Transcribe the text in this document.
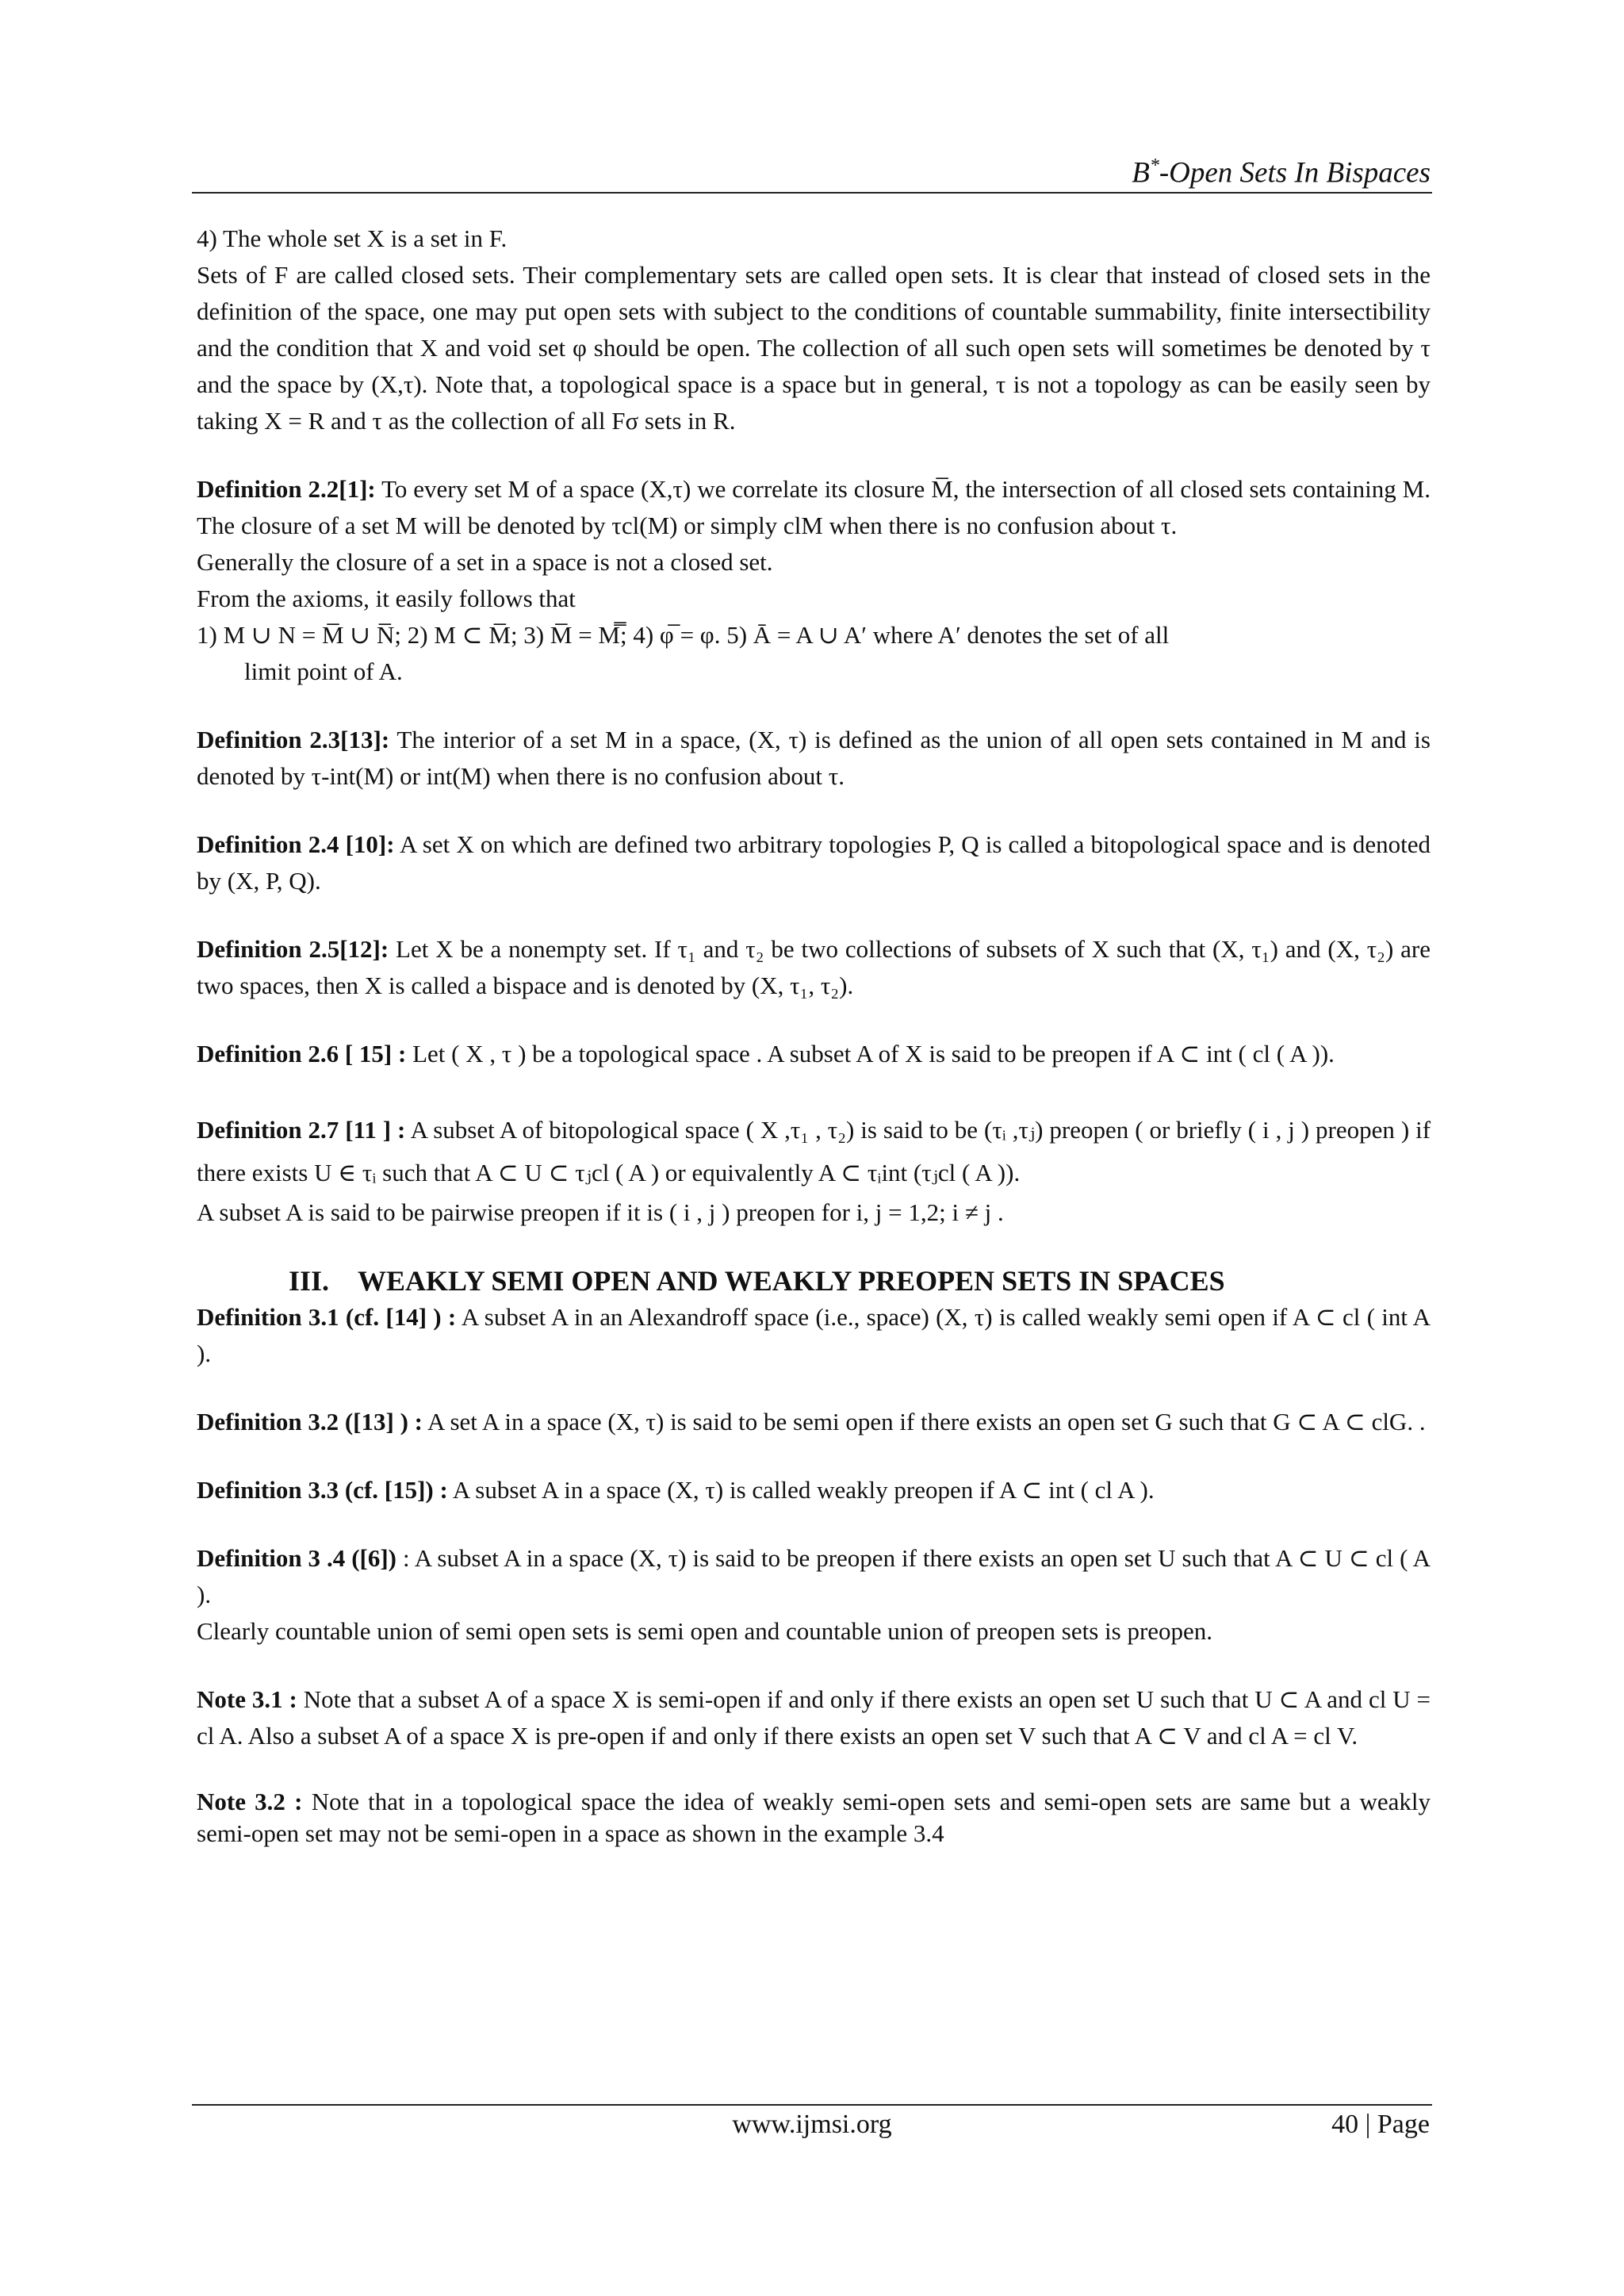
B*-Open Sets In Bispaces

4) The whole set X is a set in F.

Sets of F are called closed sets. Their complementary sets are called open sets. It is clear that instead of closed sets in the definition of the space, one may put open sets with subject to the conditions of countable summability, finite intersectibility and the condition that X and void set φ should be open. The collection of all such open sets will sometimes be denoted by τ and the space by (X,τ). Note that, a topological space is a space but in general, τ is not a topology as can be easily seen by taking X = R and τ as the collection of all Fσ sets in R.

Definition 2.2[1]: To every set M of a space (X,τ) we correlate its closure M̅, the intersection of all closed sets containing M. The closure of a set M will be denoted by τcl(M) or simply clM when there is no confusion about τ.

Generally the closure of a set in a space is not a closed set.

From the axioms, it easily follows that

1) M ∪ N = M̅ ∪ N̅; 2) M ⊂ M̅; 3) M̅ = M̿; 4) φ̅ = φ. 5) Ā = A ∪ A′ where A′ denotes the set of all

limit point of A.

Definition 2.3[13]: The interior of a set M in a space, (X, τ) is defined as the union of all open sets contained in M and is denoted by τ-int(M) or int(M) when there is no confusion about τ.

Definition 2.4 [10]: A set X on which are defined two arbitrary topologies P, Q is called a bitopological space and is denoted by (X, P, Q).

Definition 2.5[12]: Let X be a nonempty set. If τ₁ and τ₂ be two collections of subsets of X such that (X, τ₁) and (X, τ₂) are two spaces, then X is called a bispace and is denoted by (X, τ₁, τ₂).

Definition 2.6 [ 15] : Let ( X , τ ) be a topological space . A subset A of X is said to be preopen if A ⊂ int ( cl ( A )).

Definition 2.7 [11 ] : A subset A of bitopological space ( X ,τ₁ , τ₂) is said to be (τᵢ ,τⱼ) preopen ( or briefly ( i , j ) preopen ) if there exists U ∈ τᵢ such that A ⊂ U ⊂ τⱼcl ( A ) or equivalently A ⊂ τᵢint (τⱼcl ( A )).

A subset A is said to be pairwise preopen if it is ( i , j ) preopen for i, j = 1,2; i ≠ j .

III. WEAKLY SEMI OPEN AND WEAKLY PREOPEN SETS IN SPACES

Definition 3.1 (cf. [14] ) : A subset A in an Alexandroff space (i.e., space) (X, τ) is called weakly semi open if A ⊂ cl ( int A ).

Definition 3.2 ([13] ) : A set A in a space (X, τ) is said to be semi open if there exists an open set G such that G ⊂ A ⊂ clG. .

Definition 3.3 (cf. [15]) : A subset A in a space (X, τ) is called weakly preopen if A ⊂ int ( cl A ).

Definition 3 .4 ([6]) : A subset A in a space (X, τ) is said to be preopen if there exists an open set U such that A ⊂ U ⊂ cl ( A ).

Clearly countable union of semi open sets is semi open and countable union of preopen sets is preopen.

Note 3.1 : Note that a subset A of a space X is semi-open if and only if there exists an open set U such that U ⊂ A and cl U = cl A. Also a subset A of a space X is pre-open if and only if there exists an open set V such that A ⊂ V and cl A = cl V.

Note 3.2 : Note that in a topological space the idea of weakly semi-open sets and semi-open sets are same but a weakly semi-open set may not be semi-open in a space as shown in the example 3.4

www.ijmsi.org	40 | Page
